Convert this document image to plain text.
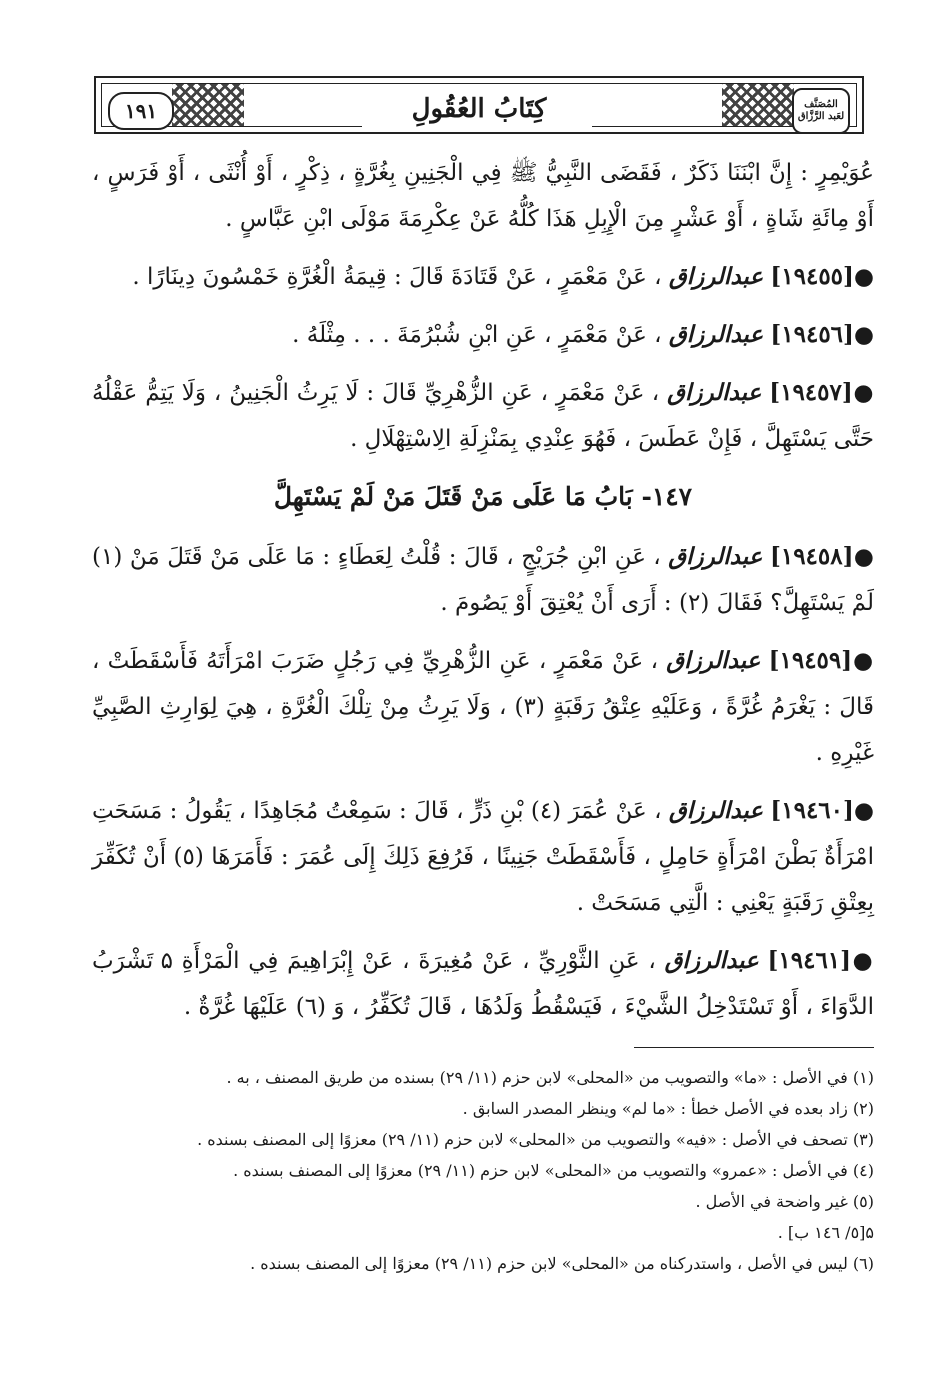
كِتَابُ العُقُولِ
١٩١	المُصَنَّف
لعَبد الرَّزَّاق

عُوَيْمِرٍ : إِنَّ ابْنَنَا ذَكَرٌ ، فَقَضَى النَّبِيُّ ﷺ فِي الْجَنِينِ بِغُرَّةٍ ، ذِكْرٍ ، أَوْ أُنْثَى ، أَوْ فَرَسٍ ، أَوْ مِائَةِ شَاةٍ ، أَوْ عَشْرٍ مِنَ الْإِبِلِ هَذَا كُلُّهُ عَنْ عِكْرِمَةَ مَوْلَى ابْنِ عَبَّاسٍ .

●[١٩٤٥٥] عبدالرزاق ، عَنْ مَعْمَرٍ ، عَنْ قَتَادَةَ قَالَ : قِيمَةُ الْغُرَّةِ خَمْسُونَ دِينَارًا .

●[١٩٤٥٦] عبدالرزاق ، عَنْ مَعْمَرٍ ، عَنِ ابْنِ شُبْرُمَةَ . . . مِثْلَهُ .

●[١٩٤٥٧] عبدالرزاق ، عَنْ مَعْمَرٍ ، عَنِ الزُّهْرِيِّ قَالَ : لَا يَرِثُ الْجَنِينُ ، وَلَا يَتِمُّ عَقْلُهُ حَتَّى يَسْتَهِلَّ ، فَإِنْ عَطَسَ ، فَهُوَ عِنْدِي بِمَنْزِلَةِ الِاسْتِهْلَالِ .

١٤٧- بَابُ مَا عَلَى مَنْ قَتَلَ مَنْ لَمْ يَسْتَهِلَّ

●[١٩٤٥٨] عبدالرزاق ، عَنِ ابْنِ جُرَيْجٍ ، قَالَ : قُلْتُ لِعَطَاءٍ : مَا عَلَى مَنْ قَتَلَ مَنْ (١) لَمْ يَسْتَهِلَّ؟ فَقَالَ (٢) : أَرَى أَنْ يُعْتِقَ أَوْ يَصُومَ .

●[١٩٤٥٩] عبدالرزاق ، عَنْ مَعْمَرٍ ، عَنِ الزُّهْرِيِّ فِي رَجُلٍ ضَرَبَ امْرَأَتَهُ فَأَسْقَطَتْ ، قَالَ : يَغْرَمُ غُرَّةً ، وَعَلَيْهِ عِتْقُ رَقَبَةٍ (٣) ، وَلَا يَرِثُ مِنْ تِلْكَ الْغُرَّةِ ، هِيَ لِوَارِثِ الصَّبِيِّ غَيْرِهِ .

●[١٩٤٦٠] عبدالرزاق ، عَنْ عُمَرَ (٤) بْنِ ذَرٍّ ، قَالَ : سَمِعْتُ مُجَاهِدًا ، يَقُولُ : مَسَحَتِ امْرَأَةٌ بَطْنَ امْرَأَةٍ حَامِلٍ ، فَأَسْقَطَتْ جَنِينًا ، فَرُفِعَ ذَلِكَ إِلَى عُمَرَ : فَأَمَرَهَا (٥) أَنْ تُكَفِّرَ بِعِتْقِ رَقَبَةٍ يَعْنِي : الَّتِي مَسَحَتْ .

●[١٩٤٦١] عبدالرزاق ، عَنِ الثَّوْرِيِّ ، عَنْ مُغِيرَةَ ، عَنْ إِبْرَاهِيمَ فِي الْمَرْأَةِ ۵ تَشْرَبُ الدَّوَاءَ ، أَوْ تَسْتَدْخِلُ الشَّيْءَ ، فَيَسْقُطُ وَلَدُهَا ، قَالَ تُكَفِّرُ ، وَ (٦) عَلَيْهَا غُرَّةٌ .

(١) في الأصل : «ما» والتصويب من «المحلى» لابن حزم (١١/ ٢٩) بسنده من طريق المصنف ، به .

(٢) زاد بعده في الأصل خطأ : «ما لم» وينظر المصدر السابق .

(٣) تصحف في الأصل : «فيه» والتصويب من «المحلى» لابن حزم (١١/ ٢٩) معزوًا إلى المصنف بسنده .

(٤) في الأصل : «عمرو» والتصويب من «المحلى» لابن حزم (١١/ ٢٩) معزوًا إلى المصنف بسنده .

(٥) غير واضحة في الأصل .

۵[٥/ ١٤٦ ب] .

(٦) ليس في الأصل ، واستدركناه من «المحلى» لابن حزم (١١/ ٢٩) معزوًا إلى المصنف بسنده .
